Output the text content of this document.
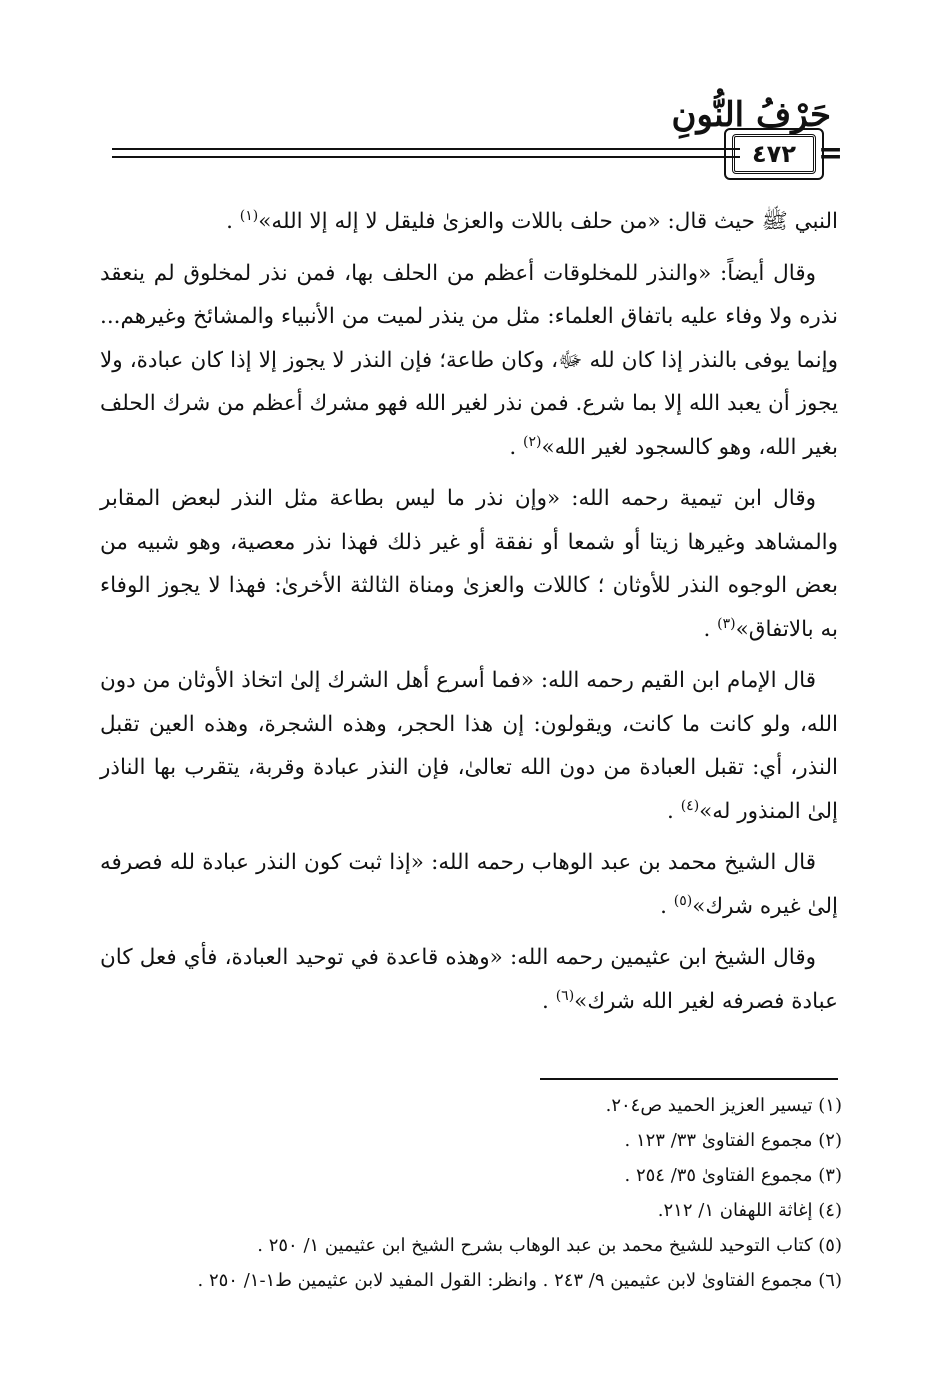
حَرْفُ النُّونِ
٤٧٢ =

النبي ﷺ حيث قال: «من حلف باللات والعزىٰ فليقل لا إله إلا الله»$^{(١)}$ .

وقال أيضاً: «والنذر للمخلوقات أعظم من الحلف بها، فمن نذر لمخلوق لم ينعقد نذره ولا وفاء عليه باتفاق العلماء: مثل من ينذر لميت من الأنبياء والمشائخ وغيرهم... وإنما يوفى بالنذر إذا كان لله ﷻ، وكان طاعة؛ فإن النذر لا يجوز إلا إذا كان عبادة، ولا يجوز أن يعبد الله إلا بما شرع. فمن نذر لغير الله فهو مشرك أعظم من شرك الحلف بغير الله، وهو كالسجود لغير الله»$^{(٢)}$ .

وقال ابن تيمية رحمه الله: «وإن نذر ما ليس بطاعة مثل النذر لبعض المقابر والمشاهد وغيرها زيتا أو شمعا أو نفقة أو غير ذلك فهذا نذر معصية، وهو شبيه من بعض الوجوه النذر للأوثان ؛ كاللات والعزىٰ ومناة الثالثة الأخرىٰ: فهذا لا يجوز الوفاء به بالاتفاق»$^{(٣)}$ .

قال الإمام ابن القيم رحمه الله: «فما أسرع أهل الشرك إلىٰ اتخاذ الأوثان من دون الله، ولو كانت ما كانت، ويقولون: إن هذا الحجر، وهذه الشجرة، وهذه العين تقبل النذر، أي: تقبل العبادة من دون الله تعالىٰ، فإن النذر عبادة وقربة، يتقرب بها الناذر إلىٰ المنذور له»$^{(٤)}$ .

قال الشيخ محمد بن عبد الوهاب رحمه الله: «إذا ثبت كون النذر عبادة لله فصرفه إلىٰ غيره شرك»$^{(٥)}$ .

وقال الشيخ ابن عثيمين رحمه الله: «وهذه قاعدة في توحيد العبادة، فأي فعل كان عبادة فصرفه لغير الله شرك»$^{(٦)}$ .

(١) تيسير العزيز الحميد ص٢٠٤.
(٢) مجموع الفتاوىٰ ٣٣/ ١٢٣ .
(٣) مجموع الفتاوىٰ ٣٥/ ٢٥٤ .
(٤) إغاثة اللهفان ١/ ٢١٢.
(٥) كتاب التوحيد للشيخ محمد بن عبد الوهاب بشرح الشيخ ابن عثيمين ١/ ٢٥٠ .
(٦) مجموع الفتاوىٰ لابن عثيمين ٩/ ٢٤٣ . وانظر: القول المفيد لابن عثيمين ط١-١/ ٢٥٠ .
